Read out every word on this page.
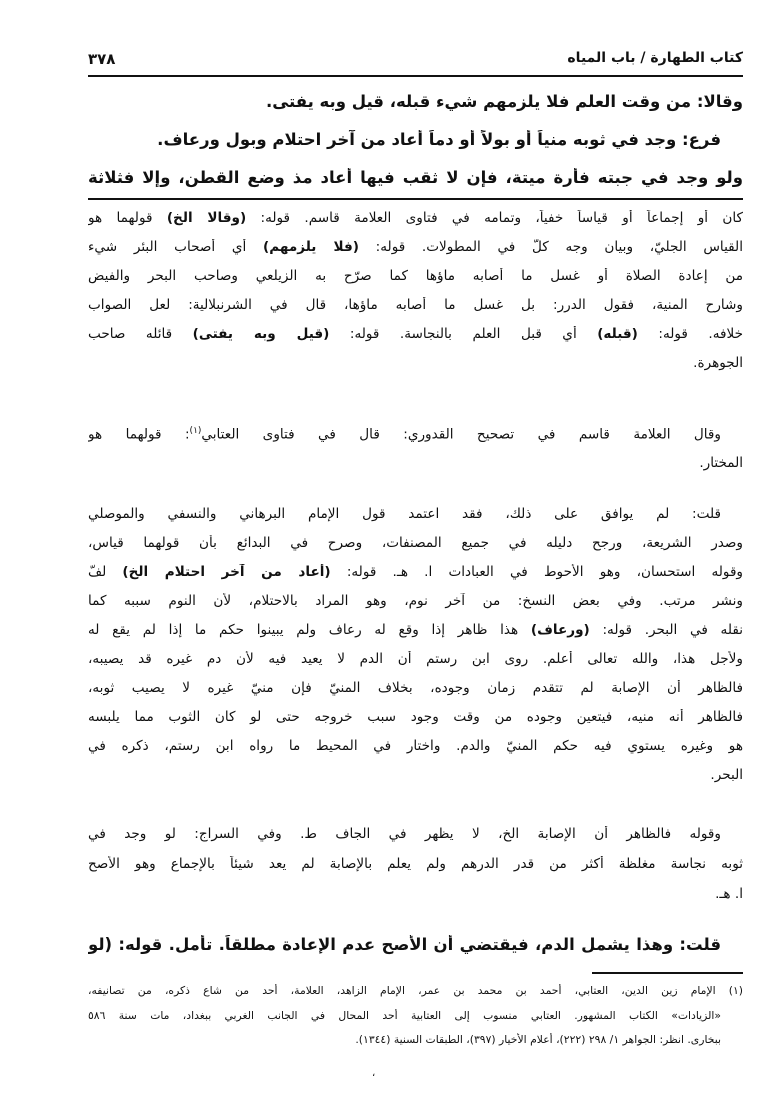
كتاب الطهارة / باب المياه
٣٧٨
وقالا: من وقت العلم فلا يلزمهم شيء قبله، قيل وبه يفتى.
فرع: وجد في ثوبه منياً أو بولاً أو دماً أعاد من آخر احتلام وبول ورعاف.
ولو وجد في جبته فأرة ميتة، فإن لا ثقب فيها أعاد مذ وضع القطن، وإلا فثلاثة
كان أو إجماعاً أو قياساً خفياً، وتمامه في فتاوى العلامة قاسم. قوله: (وقالا الخ) قولهما هو
القياس الجليّ، وبيان وجه كلّ في المطولات. قوله: (فلا يلزمهم) أي أصحاب البئر شيء
من إعادة الصلاة أو غسل ما أصابه ماؤها كما صرّح به الزيلعي وصاحب البحر والفيض
وشارح المنية، فقول الدرر: بل غسل ما أصابه ماؤها، قال في الشرنبلالية: لعل الصواب
خلافه. قوله: (قبله) أي قبل العلم بالنجاسة. قوله: (قيل وبه يفتى) قائله صاحب
الجوهرة.
وقال العلامة قاسم في تصحيح القدوري: قال في فتاوى العتابي$^{(١)}$: قولهما هو
المختار.
قلت: لم يوافق على ذلك، فقد اعتمد قول الإمام البرهاني والنسفي والموصلي
وصدر الشريعة، ورجح دليله في جميع المصنفات، وصرح في البدائع بأن قولهما قياس،
وقوله استحسان، وهو الأحوط في العبادات ا. هـ. قوله: (أعاد من آخر احتلام الخ) لفّ
ونشر مرتب. وفي بعض النسخ: من آخر نوم، وهو المراد بالاحتلام، لأن النوم سببه كما
نقله في البحر. قوله: (ورعاف) هذا ظاهر إذا وقع له رعاف ولم يبينوا حكم ما إذا لم يقع له
ولأجل هذا، والله تعالى أعلم. روى ابن رستم أن الدم لا يعيد فيه لأن دم غيره قد يصيبه،
فالظاهر أن الإصابة لم تتقدم زمان وجوده، بخلاف المنيّ فإن منيّ غيره لا يصيب ثوبه،
فالظاهر أنه منيه، فيتعين وجوده من وقت وجود سبب خروجه حتى لو كان الثوب مما يلبسه
هو وغيره يستوي فيه حكم المنيّ والدم. واختار في المحيط ما رواه ابن رستم، ذكره في
البحر.
وقوله فالظاهر أن الإصابة الخ، لا يظهر في الجاف ط. وفي السراج: لو وجد في
ثوبه نجاسة مغلظة أكثر من قدر الدرهم ولم يعلم بالإصابة لم يعد شيئاً بالإجماع وهو الأصح
ا. هـ.
قلت: وهذا يشمل الدم، فيقتضي أن الأصح عدم الإعادة مطلقاً. تأمل. قوله: (لو
(١) الإمام زين الدين، العتابي، أحمد بن محمد بن عمر، الإمام الزاهد، العلامة، أحد من شاع ذكره، من تصانيفه،
«الزيادات» الكتاب المشهور. العتابي منسوب إلى العتابية أحد المحال في الجانب الغربي ببغداد، مات سنة ٥٨٦
ببخارى. انظر: الجواهر ١/ ٢٩٨ (٢٢٢)، أعلام الأخيار (٣٩٧)، الطبقات السنية (١٣٤٤).
،
